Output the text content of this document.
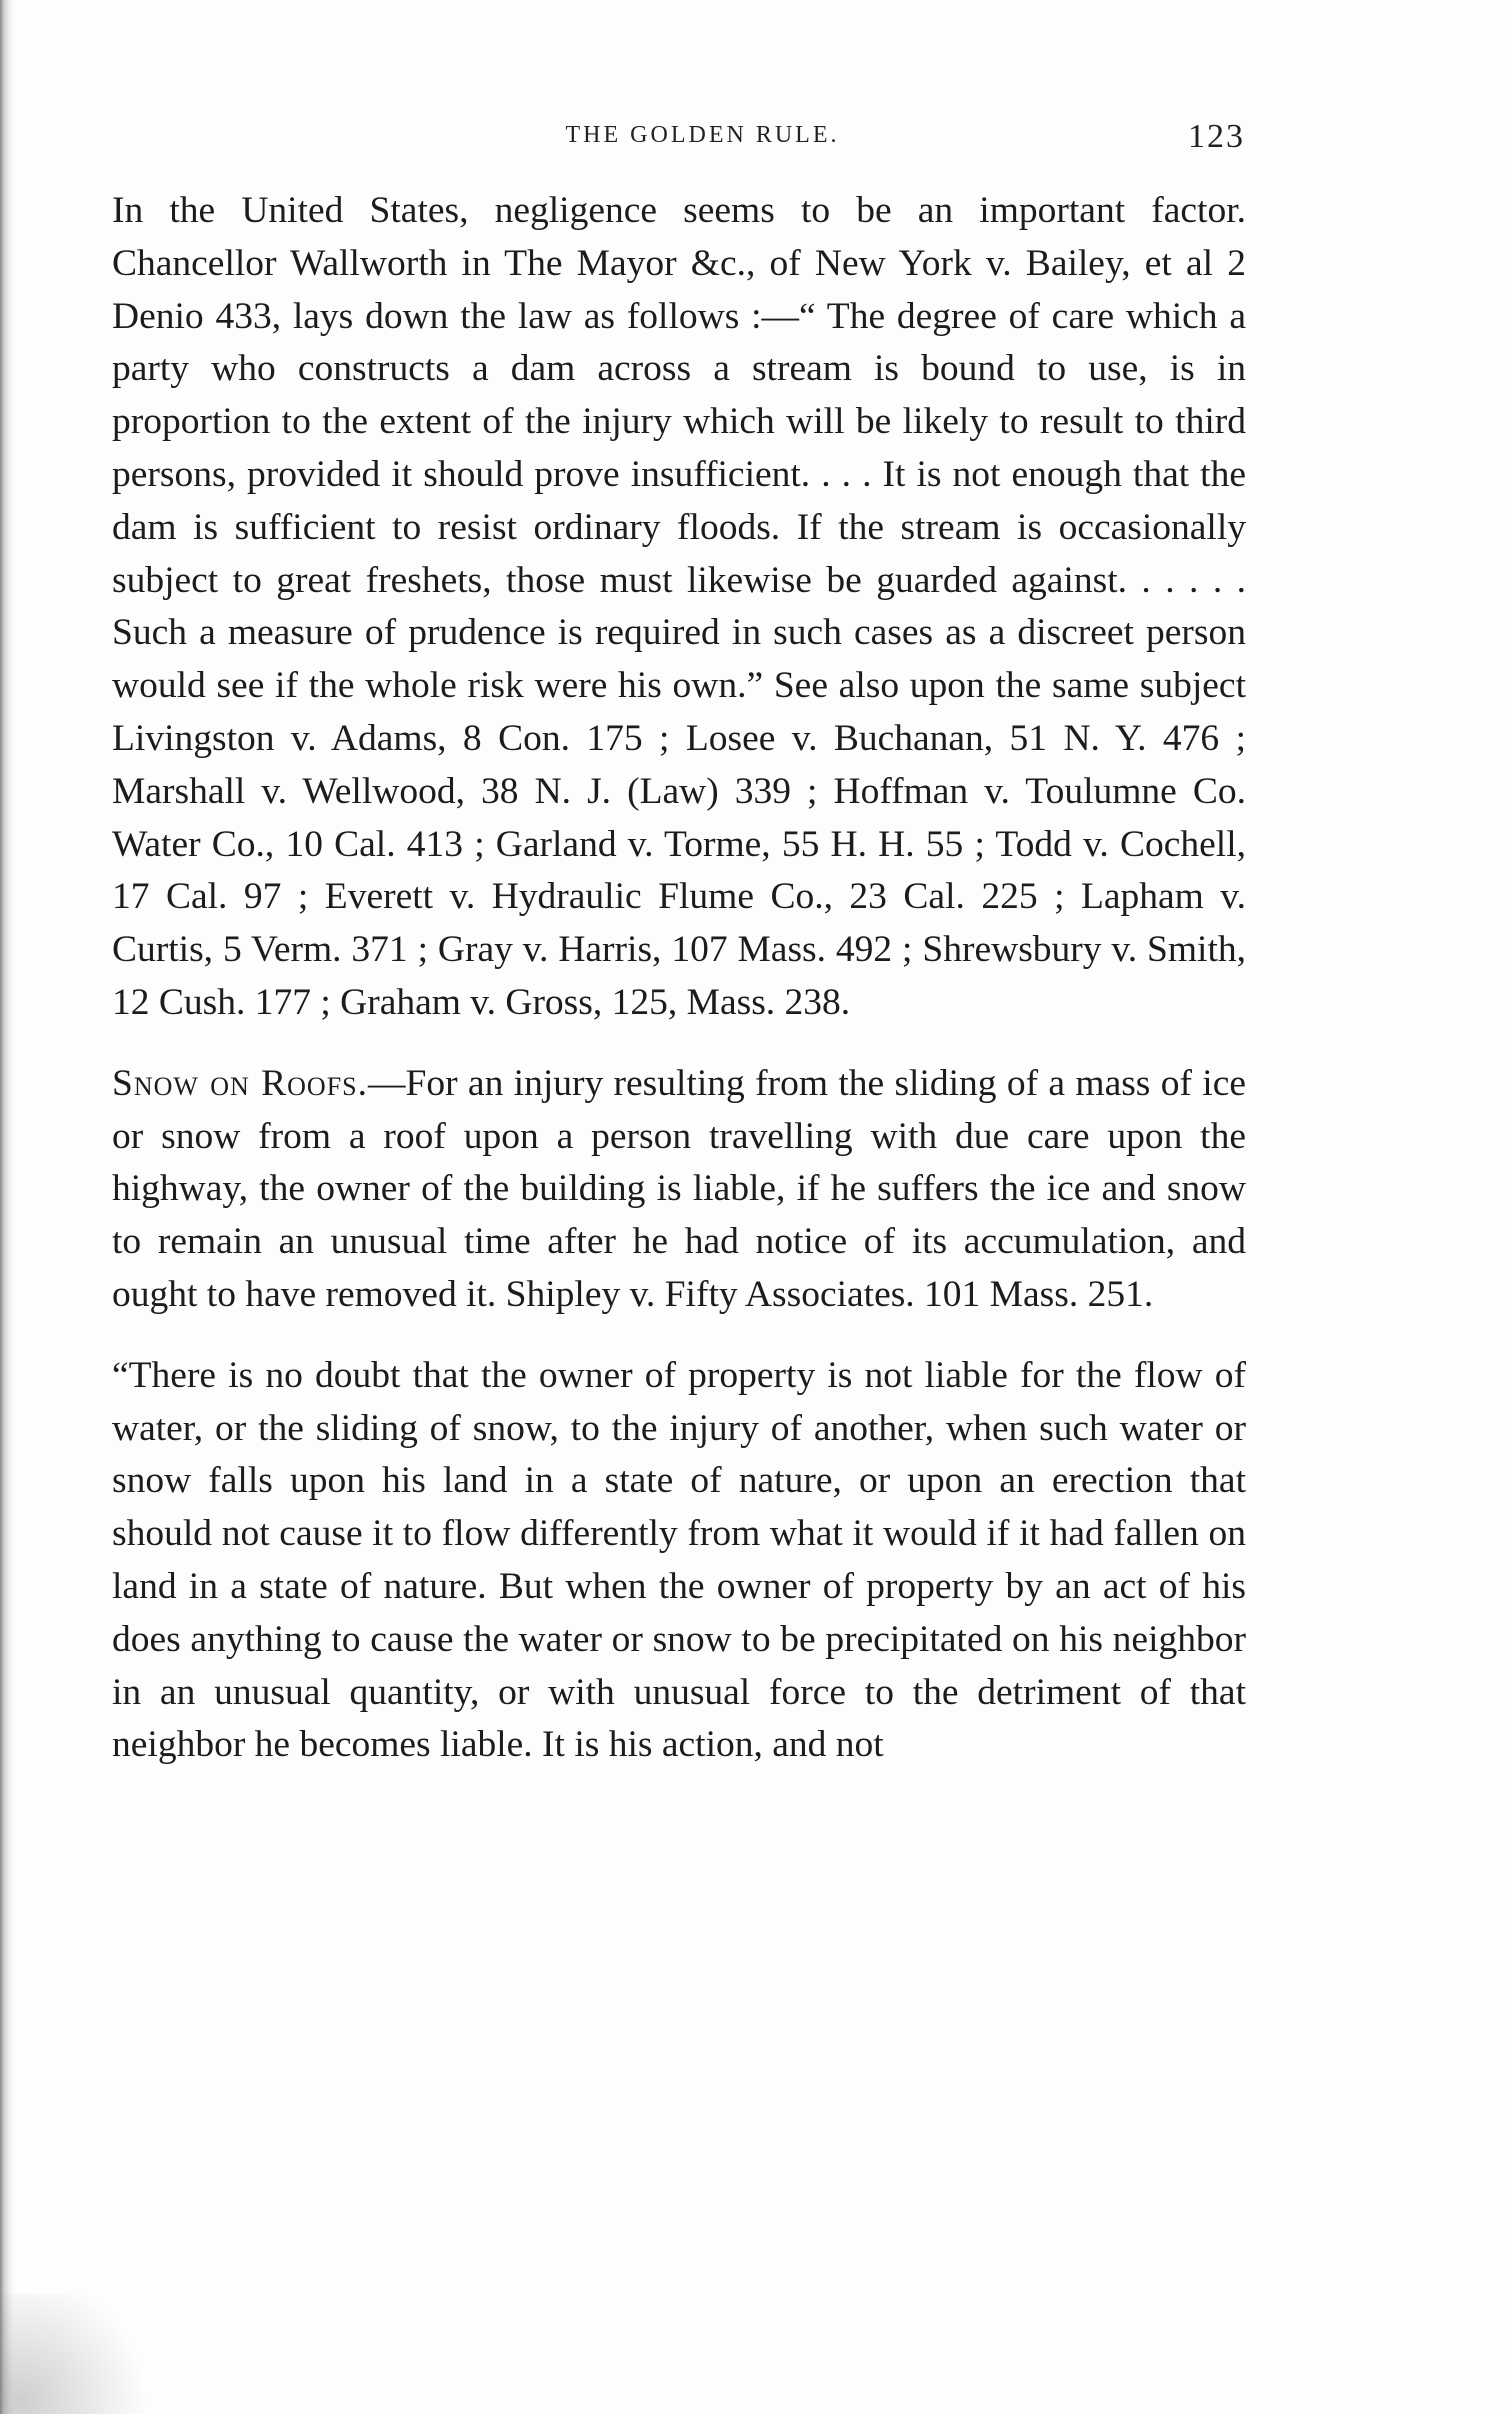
THE GOLDEN RULE.	123

In the United States, negligence seems to be an important factor. Chancellor Wallworth in The Mayor &c., of New York v. Bailey, et al 2 Denio 433, lays down the law as follows :—“ The degree of care which a party who constructs a dam across a stream is bound to use, is in proportion to the extent of the injury which will be likely to result to third persons, provided it should prove insufficient. . . . It is not enough that the dam is sufficient to resist ordinary floods. If the stream is occasionally subject to great freshets, those must likewise be guarded against. . . . . . Such a measure of prudence is required in such cases as a discreet person would see if the whole risk were his own.” See also upon the same subject Livingston v. Adams, 8 Con. 175 ; Losee v. Buchanan, 51 N. Y. 476 ; Marshall v. Wellwood, 38 N. J. (Law) 339 ; Hoffman v. Toulumne Co. Water Co., 10 Cal. 413 ; Garland v. Torme, 55 H. H. 55 ; Todd v. Cochell, 17 Cal. 97 ; Everett v. Hydraulic Flume Co., 23 Cal. 225 ; Lapham v. Curtis, 5 Verm. 371 ; Gray v. Harris, 107 Mass. 492 ; Shrewsbury v. Smith, 12 Cush. 177 ; Graham v. Gross, 125, Mass. 238.

Snow on Roofs.—For an injury resulting from the sliding of a mass of ice or snow from a roof upon a person travelling with due care upon the highway, the owner of the building is liable, if he suffers the ice and snow to remain an unusual time after he had notice of its accumulation, and ought to have removed it. Shipley v. Fifty Associates. 101 Mass. 251.

“There is no doubt that the owner of property is not liable for the flow of water, or the sliding of snow, to the injury of another, when such water or snow falls upon his land in a state of nature, or upon an erection that should not cause it to flow differently from what it would if it had fallen on land in a state of nature. But when the owner of property by an act of his does anything to cause the water or snow to be precipitated on his neighbor in an unusual quantity, or with unusual force to the detriment of that neighbor he becomes liable. It is his action, and not
